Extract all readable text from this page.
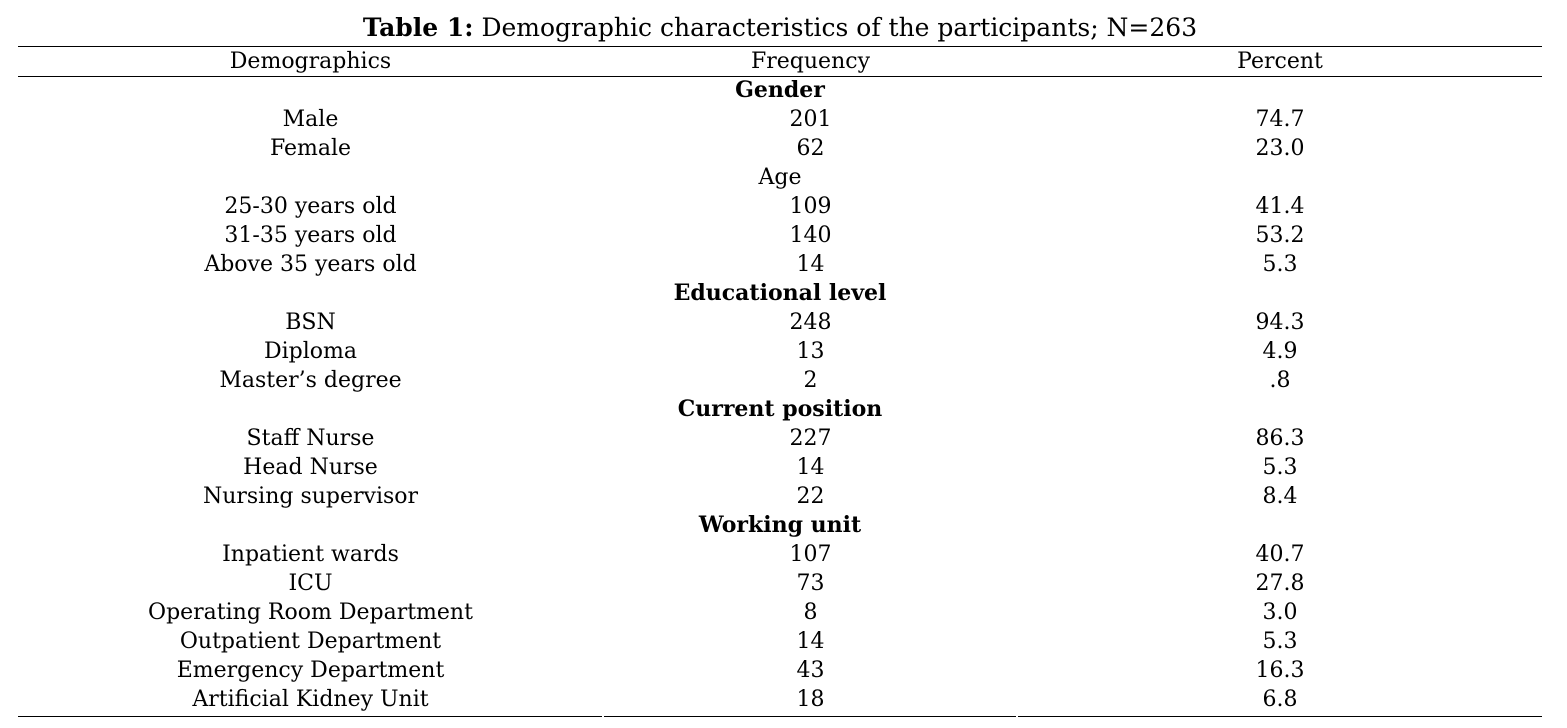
Table 1: Demographic characteristics of the participants; N=263
Demographics	Frequency	Percent
Gender
Male	201	74.7
Female	62	23.0
Age
25-30 years old	109	41.4
31-35 years old	140	53.2
Above 35 years old	14	5.3
Educational level
BSN	248	94.3
Diploma	13	4.9
Master’s degree	2	.8
Current position
Staff Nurse	227	86.3
Head Nurse	14	5.3
Nursing supervisor	22	8.4
Working unit
Inpatient wards	107	40.7
ICU	73	27.8
Operating Room Department	8	3.0
Outpatient Department	14	5.3
Emergency Department	43	16.3
Artificial Kidney Unit	18	6.8
